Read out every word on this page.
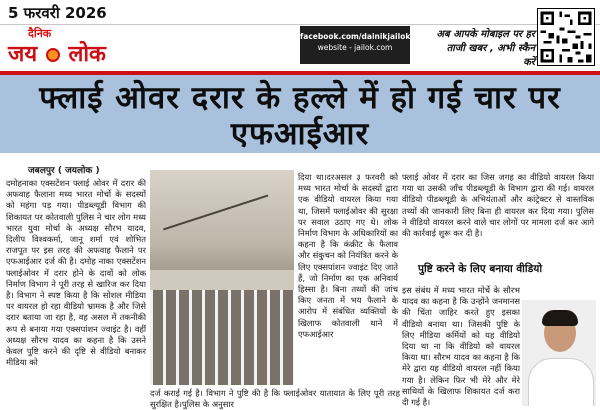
5 फरवरी 2026
दैनिक
जय लोक
facebook.com/dainikjailok
website - jailok.com
अब आपके मोबाइल पर हर
ताजी खबर , अभी स्कैन करें
फ्लाई ओवर दरार के हल्ले में हो गई चार पर एफआईआर
जबलपुर ( जयलोक )
दमोहनाका एक्सटेंशन फ्लाई ओवर में दरार की अफवाह फैलाना मध्य भारत मोर्चो के सदस्यों को महंगा पड़ गया। पीडब्ल्यूडी विभाग की शिकायत पर कोतवाली पुलिस ने चार लोग मध्य भारत युवा मोर्चा के अध्यक्ष सौरभ यादव, दिलीप विश्वकर्मा, जानू शर्मा एवं शोभित राजपूत पर इस तरह की अफवाह फैलाने पर एफआईआर दर्ज की है। दमोह नाका एक्सटेंशन फ्लाईओवर में दरार होने के दावों को लोक निर्माण विभाग ने पूरी तरह से खारिज कर दिया है। विभाग ने स्पष्ट किया है कि सोशल मीडिया पर वायरल हो रहा वीडियो भ्रामक है और जिसे दरार बताया जा रहा है, वह असल में तकनीकी रूप से बनाया गया एक्सपांशन ज्वाइंट है। वहीं अध्यक्ष सौरभ यादव का कहना है कि उसने केवल पुष्टि करने की दृष्टि से वीडियो बनाकर मीडिया को
दर्ज कराई गई है। विभाग ने पुष्टि की है कि फ्लाईओवर यातायात के लिए पूरी तरह सुरक्षित है।पुलिस के अनुसार
दिया था।दरअसल ३ फरवरी को मध्य भारत मोर्चा के सदस्यों द्वारा एक वीडियो वायरल किया गया था, जिसमें फ्लाईओवर की सुरक्षा पर सवाल उठाए गए थे। लोक निर्माण विभाग के अधिकारियों का कहना है कि कंक्रीट के फैलाव और संकुचन को नियंत्रित करने के लिए एक्सपांशन ज्वाइंट दिए जाते हैं, जो निर्माण का एक अनिवार्य हिस्सा है। बिना तथ्यों की जांच किए जनता में भय फैलाने के आरोप में संबंधित व्यक्तियों के खिलाफ कोतवाली थाने में एफआईआर
फ्लाई ओवर में दरार का जिस जगह का वीडियो वायरल किया गया था उसकी जाँच पीडब्ल्यूडी के विभाग द्वारा की गई। वायरल वीडियो पीडब्ल्यूडी के अभियंताओं और कांट्रेक्टर से वास्तविक तथ्यों की जानकारी लिए बिना ही वायरल कर दिया गया। पुलिस ने वीडियो वायरल करने वाले चार लोगों पर मामला दर्ज कर आगे की कार्रवाई शुरू कर दी है।
पुष्टि करने के लिए बनाया वीडियो
इस संबंध में मध्य भारत मोर्चे के सौरभ यादव का कहना है कि उन्होंने जनमानस की चिंता जाहिर करते हुए इसका वीडियो बनाया था। जिसकी पुष्टि के लिए मीडिया कर्मियों को यह वीडियो दिया था ना कि वीडियो को वायरल किया था। सौरभ यादव का कहना है कि मेरे द्वारा यह वीडियो वायरल नहीं किया गया है। लेकिन फिर भी मेरे और मेरे साथियों के खिलाफ शिकायत दर्ज करा दी गई है।
